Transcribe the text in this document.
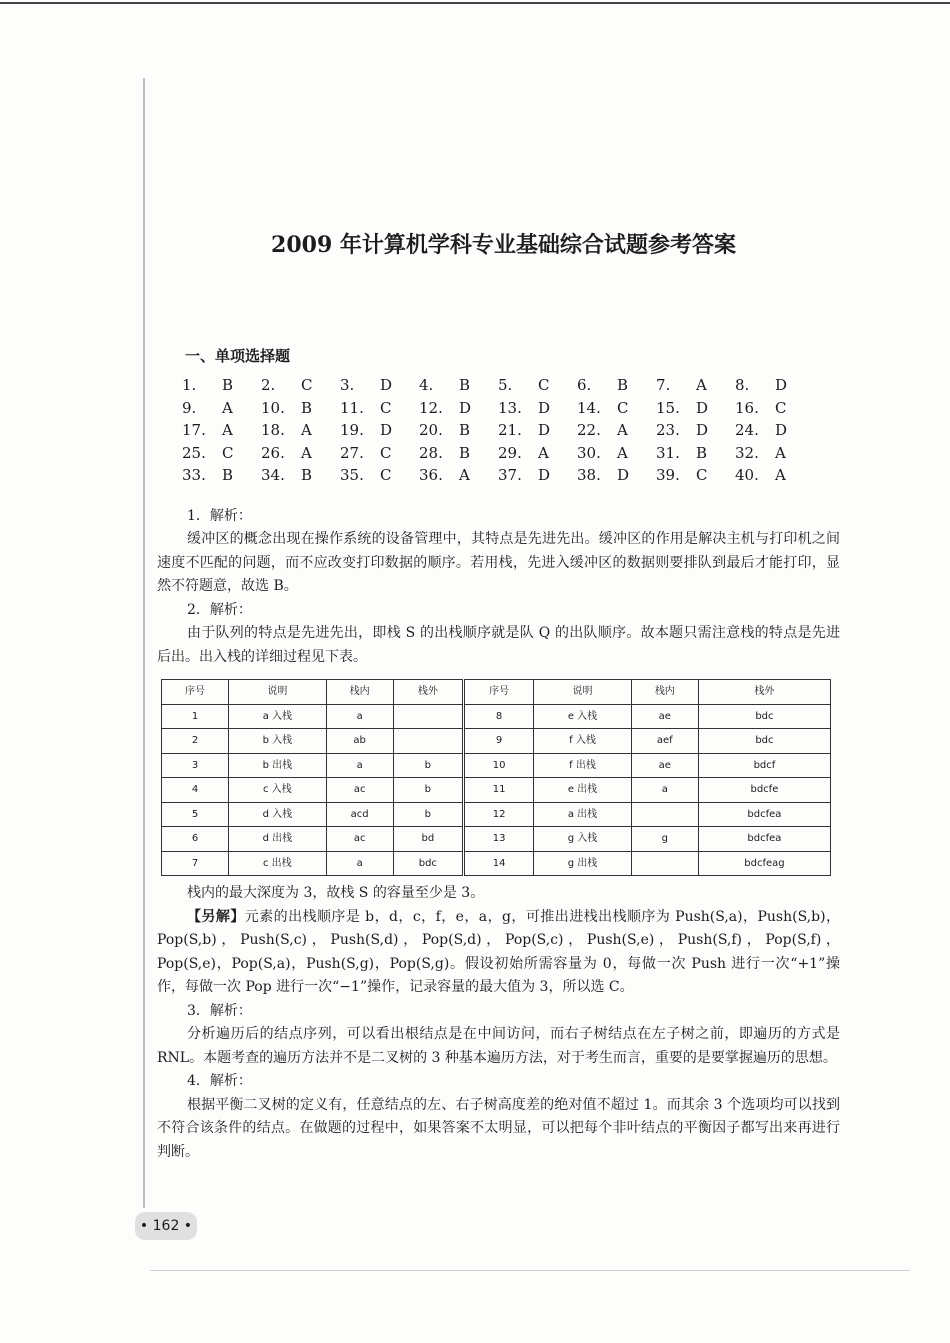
2009 年计算机学科专业基础综合试题参考答案
一、单项选择题
1.	B	2.	C	3.	D	4.	B	5.	C	6.	B	7.	A	8.	D
9.	A	10.	B	11.	C	12.	D	13.	D	14.	C	15.	D	16.	C
17.	A	18.	A	19.	D	20.	B	21.	D	22.	A	23.	D	24.	D
25.	C	26.	A	27.	C	28.	B	29.	A	30.	A	31.	B	32.	A
33.	B	34.	B	35.	C	36.	A	37.	D	38.	D	39.	C	40.	A

1．解析：

缓冲区的概念出现在操作系统的设备管理中，其特点是先进先出。缓冲区的作用是解决主机与打印机之间速度不匹配的问题，而不应改变打印数据的顺序。若用栈，先进入缓冲区的数据则要排队到最后才能打印，显然不符题意，故选 B。

2．解析：

由于队列的特点是先进先出，即栈 S 的出栈顺序就是队 Q 的出队顺序。故本题只需注意栈的特点是先进后出。出入栈的详细过程见下表。

序号	说明	栈内	栈外	序号	说明	栈内	栈外
1	a 入栈	a		8	e 入栈	ae	bdc
2	b 入栈	ab		9	f 入栈	aef	bdc
3	b 出栈	a	b	10	f 出栈	ae	bdcf
4	c 入栈	ac	b	11	e 出栈	a	bdcfe
5	d 入栈	acd	b	12	a 出栈		bdcfea
6	d 出栈	ac	bd	13	g 入栈	g	bdcfea
7	c 出栈	a	bdc	14	g 出栈		bdcfeag

栈内的最大深度为 3，故栈 S 的容量至少是 3。

【另解】元素的出栈顺序是 b，d，c，f，e，a，g，可推出进栈出栈顺序为 Push(S,a)，Push(S,b)，Pop(S,b)，Push(S,c)，Push(S,d)，Pop(S,d)，Pop(S,c)，Push(S,e)，Push(S,f)，Pop(S,f)，Pop(S,e)，Pop(S,a)，Push(S,g)，Pop(S,g)。假设初始所需容量为 0，每做一次 Push 进行一次“+1”操作，每做一次 Pop 进行一次“−1”操作，记录容量的最大值为 3，所以选 C。

3．解析：

分析遍历后的结点序列，可以看出根结点是在中间访问，而右子树结点在左子树之前，即遍历的方式是 RNL。本题考查的遍历方法并不是二叉树的 3 种基本遍历方法，对于考生而言，重要的是要掌握遍历的思想。

4．解析：

根据平衡二叉树的定义有，任意结点的左、右子树高度差的绝对值不超过 1。而其余 3 个选项均可以找到不符合该条件的结点。在做题的过程中，如果答案不太明显，可以把每个非叶结点的平衡因子都写出来再进行判断。

• 162 •
